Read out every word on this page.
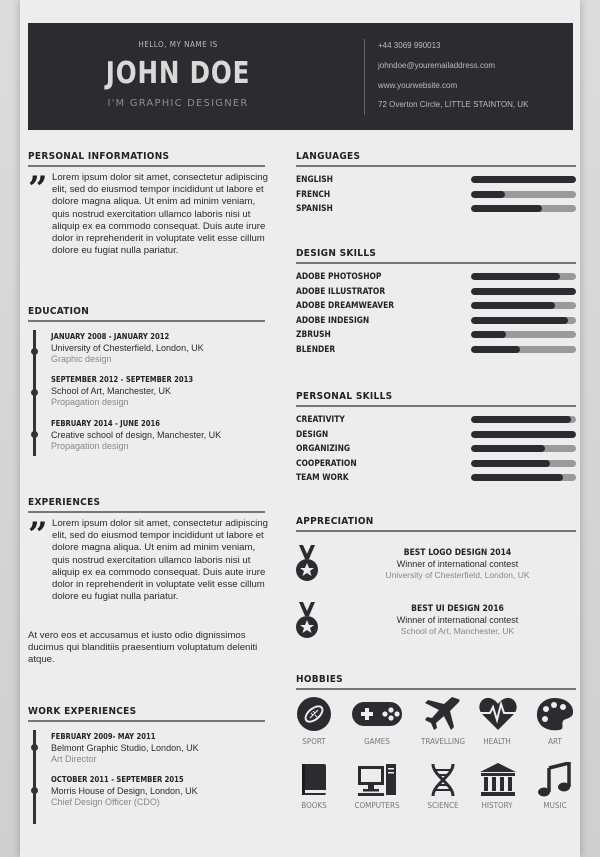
HELLO, MY NAME IS
JOHN DOE
I'M GRAPHIC DESIGNER
+44 3069 990013
johndoe@youremailaddress.com
www.yourwebsite.com
72 Overton Circle, LITTLE STAINTON, UK
PERSONAL INFORMATIONS
” Lorem ipsum dolor sit amet, consectetur adipiscing elit, sed do eiusmod tempor incididunt ut labore et dolore magna aliqua. Ut enim ad minim veniam, quis nostrud exercitation ullamco laboris nisi ut aliquip ex ea commodo consequat. Duis aute irure dolor in reprehenderit in voluptate velit esse cillum dolore eu fugiat nulla pariatur.
EDUCATION
JANUARY 2008 - JANUARY 2012
University of Chesterfield, London, UK
Graphic design
SEPTEMBER 2012 - SEPTEMBER 2013
School of Art, Manchester, UK
Propagation design
FEBRUARY 2014 - JUNE 2016
Creative school of design, Manchester, UK
Propagation design
EXPERIENCES
” Lorem ipsum dolor sit amet, consectetur adipiscing elit, sed do eiusmod tempor incididunt ut labore et dolore magna aliqua. Ut enim ad minim veniam, quis nostrud exercitation ullamco laboris nisi ut aliquip ex ea commodo consequat. Duis aute irure dolor in reprehenderit in voluptate velit esse cillum dolore eu fugiat nulla pariatur.
At vero eos et accusamus et iusto odio dignissimos ducimus qui blanditiis praesentium voluptatum deleniti atque.
WORK EXPERIENCES
FEBRUARY 2009- MAY 2011
Belmont Graphic Studio, London, UK
Art Director
OCTOBER 2011 - SEPTEMBER 2015
Morris House of Design, London, UK
Chief Design Officer (CDO)
LANGUAGES
ENGLISH
FRENCH
SPANISH
DESIGN SKILLS
ADOBE PHOTOSHOP
ADOBE ILLUSTRATOR
ADOBE DREAMWEAVER
ADOBE INDESIGN
ZBRUSH
BLENDER
PERSONAL SKILLS
CREATIVITY
DESIGN
ORGANIZING
COOPERATION
TEAM WORK
APPRECIATION
BEST LOGO DESIGN 2014
Winner of international contest
University of Chesterfield, London, UK
BEST UI DESIGN 2016
Winner of international contest
School of Art, Manchester, UK
HOBBIES
SPORT	GAMES	TRAVELLING	HEALTH	ART
BOOKS	COMPUTERS	SCIENCE	HISTORY	MUSIC
